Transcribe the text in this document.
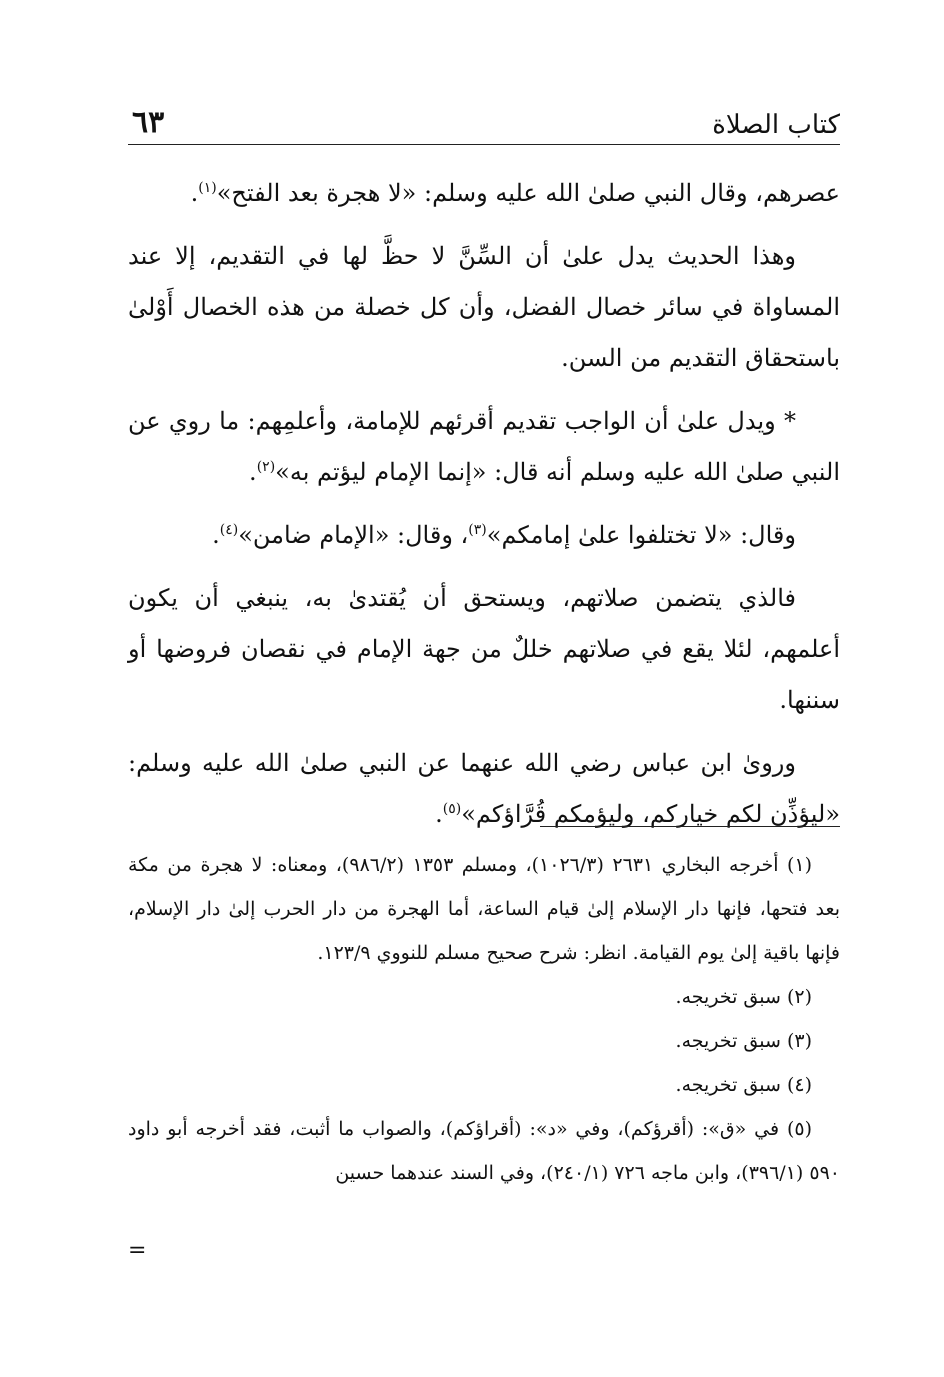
كتاب الصلاة
٦٣

عصرهم، وقال النبي صلىٰ الله عليه وسلم: «لا هجرة بعد الفتح»$^{(١)}$.

وهذا الحديث يدل علىٰ أن السِّنَّ لا حظَّ لها في التقديم، إلا عند المساواة في سائر خصال الفضل، وأن كل خصلة من هذه الخصال أَوْلىٰ باستحقاق التقديم من السن.

* ويدل علىٰ أن الواجب تقديم أقرئهم للإمامة، وأعلمِهم: ما روي عن النبي صلىٰ الله عليه وسلم أنه قال: «إنما الإمام ليؤتم به»$^{(٢)}$.

وقال: «لا تختلفوا علىٰ إمامكم»$^{(٣)}$، وقال: «الإمام ضامن»$^{(٤)}$.

فالذي يتضمن صلاتهم، ويستحق أن يُقتدىٰ به، ينبغي أن يكون أعلمهم، لئلا يقع في صلاتهم خللٌ من جهة الإمام في نقصان فروضها أو سننها.

وروىٰ ابن عباس رضي الله عنهما عن النبي صلىٰ الله عليه وسلم: «ليؤذِّن لكم خياركم، وليؤمكم قُرَّاؤكم»$^{(٥)}$.

(١) أخرجه البخاري ٢٦٣١ (١٠٢٦/٣)، ومسلم ١٣٥٣ (٩٨٦/٢)، ومعناه: لا هجرة من مكة بعد فتحها، فإنها دار الإسلام إلىٰ قيام الساعة، أما الهجرة من دار الحرب إلىٰ دار الإسلام، فإنها باقية إلىٰ يوم القيامة. انظر: شرح صحيح مسلم للنووي ١٢٣/٩.

(٢) سبق تخريجه.

(٣) سبق تخريجه.

(٤) سبق تخريجه.

(٥) في «ق»: (أقرؤكم)، وفي «د»: (أقراؤكم)، والصواب ما أثبت، فقد أخرجه أبو داود ٥٩٠ (٣٩٦/١)، وابن ماجه ٧٢٦ (٢٤٠/١)، وفي السند عندهما حسين

=
